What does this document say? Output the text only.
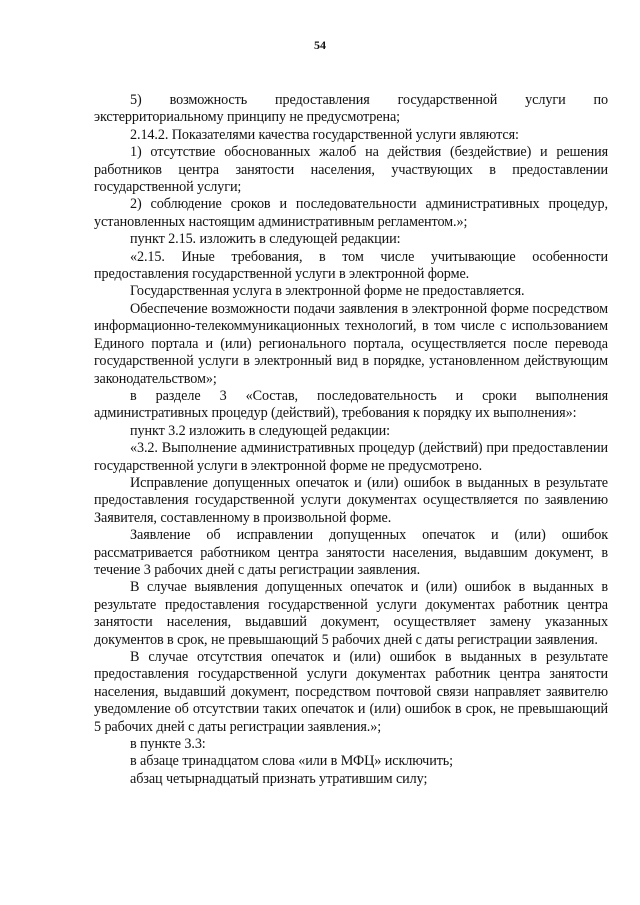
54

5) возможность предоставления государственной услуги по экстерриториальному принципу не предусмотрена;

2.14.2. Показателями качества государственной услуги являются:

1) отсутствие обоснованных жалоб на действия (бездействие) и решения работников центра занятости населения, участвующих в предоставлении государственной услуги;

2) соблюдение сроков и последовательности административных процедур, установленных настоящим административным регламентом.»;

пункт 2.15. изложить в следующей редакции:

«2.15. Иные требования, в том числе учитывающие особенности предоставления государственной услуги в электронной форме.

Государственная услуга в электронной форме не предоставляется.

Обеспечение возможности подачи заявления в электронной форме посредством информационно-телекоммуникационных технологий, в том числе с использованием Единого портала и (или) регионального портала, осуществляется после перевода государственной услуги в электронный вид в порядке, установленном действующим законодательством»;

в разделе 3 «Состав, последовательность и сроки выполнения административных процедур (действий), требования к порядку их выполнения»:

пункт 3.2 изложить в следующей редакции:

«3.2. Выполнение административных процедур (действий) при предоставлении государственной услуги в электронной форме не предусмотрено.

Исправление допущенных опечаток и (или) ошибок в выданных в результате предоставления государственной услуги документах осуществляется по заявлению Заявителя, составленному в произвольной форме.

Заявление об исправлении допущенных опечаток и (или) ошибок рассматривается работником центра занятости населения, выдавшим документ, в течение 3 рабочих дней с даты регистрации заявления.

В случае выявления допущенных опечаток и (или) ошибок в выданных в результате предоставления государственной услуги документах работник центра занятости населения, выдавший документ, осуществляет замену указанных документов в срок, не превышающий 5 рабочих дней с даты регистрации заявления.

В случае отсутствия опечаток и (или) ошибок в выданных в результате предоставления государственной услуги документах работник центра занятости населения, выдавший документ, посредством почтовой связи направляет заявителю уведомление об отсутствии таких опечаток и (или) ошибок в срок, не превышающий 5 рабочих дней с даты регистрации заявления.»;

в пункте 3.3:

в абзаце тринадцатом слова «или в МФЦ» исключить;

абзац четырнадцатый признать утратившим силу;
